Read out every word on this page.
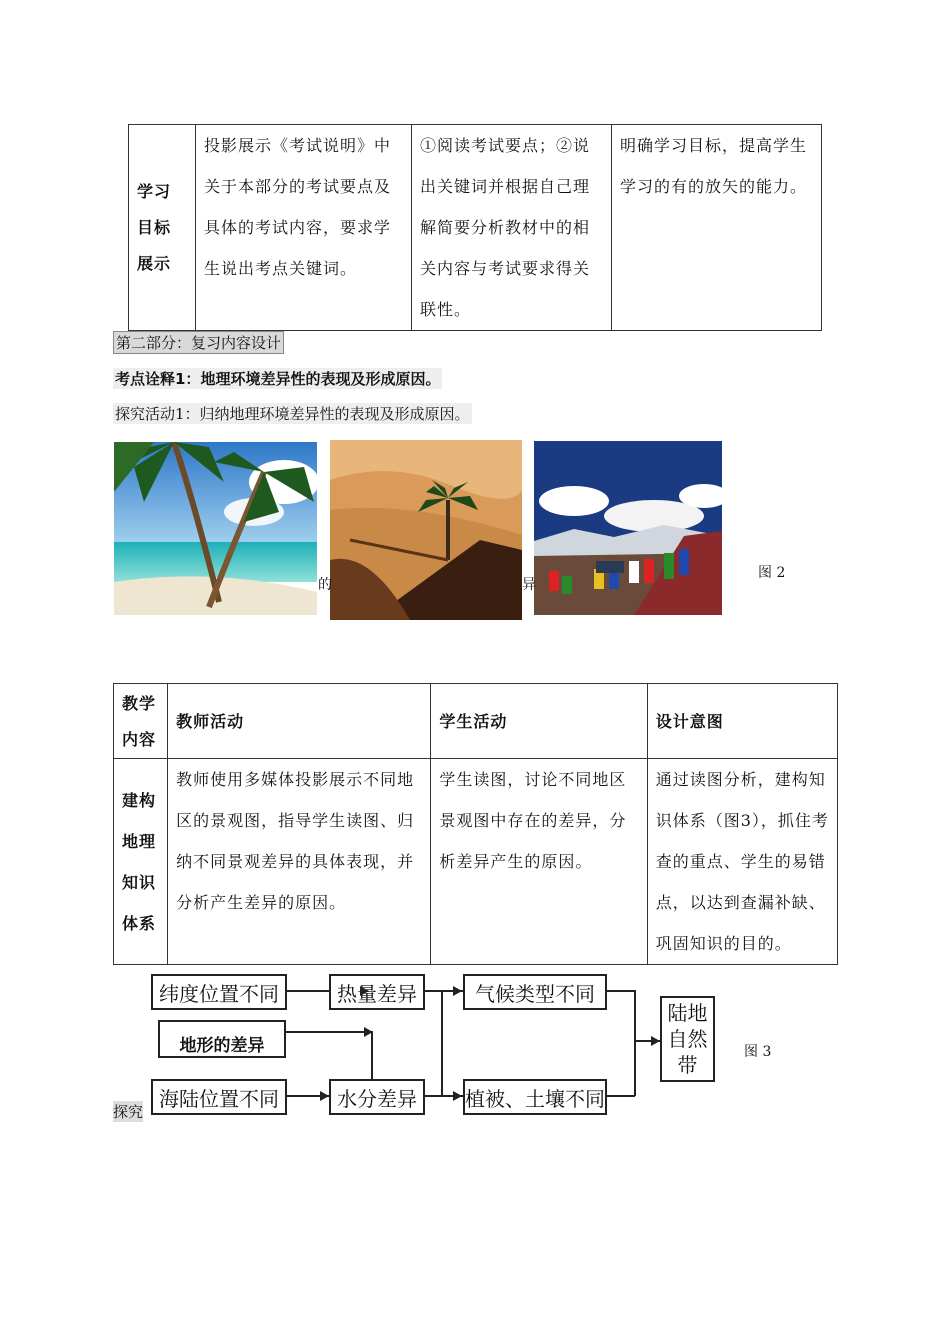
学习
目标
展示	投影展示《考试说明》中关于本部分的考试要点及具体的考试内容，要求学生说出考点关键词。	①阅读考试要点；②说出关键词并根据自己理解简要分析教材中的相关内容与考试要求得关联性。	明确学习目标，提高学生学习的有的放矢的能力。
第二部分：复习内容设计
考点诠释1：地理环境差异性的表现及形成原因。
探究活动1：归纳地理环境差异性的表现及形成原因。
的	异
图 2
教学内容	教师活动	学生活动	设计意图
建构
地理
知识
体系	教师使用多媒体投影展示不同地区的景观图，指导学生读图、归纳不同景观差异的具体表现，并分析产生差异的原因。	学生读图，讨论不同地区景观图中存在的差异，分析差异产生的原因。	通过读图分析，建构知识体系（图3），抓住考查的重点、学生的易错点，以达到查漏补缺、巩固知识的目的。
纬度位置不同	热量差异	气候类型不同
地形的差异
海陆位置不同	水分差异	植被、土壤不同
陆地
自然
带
图 3
探究
